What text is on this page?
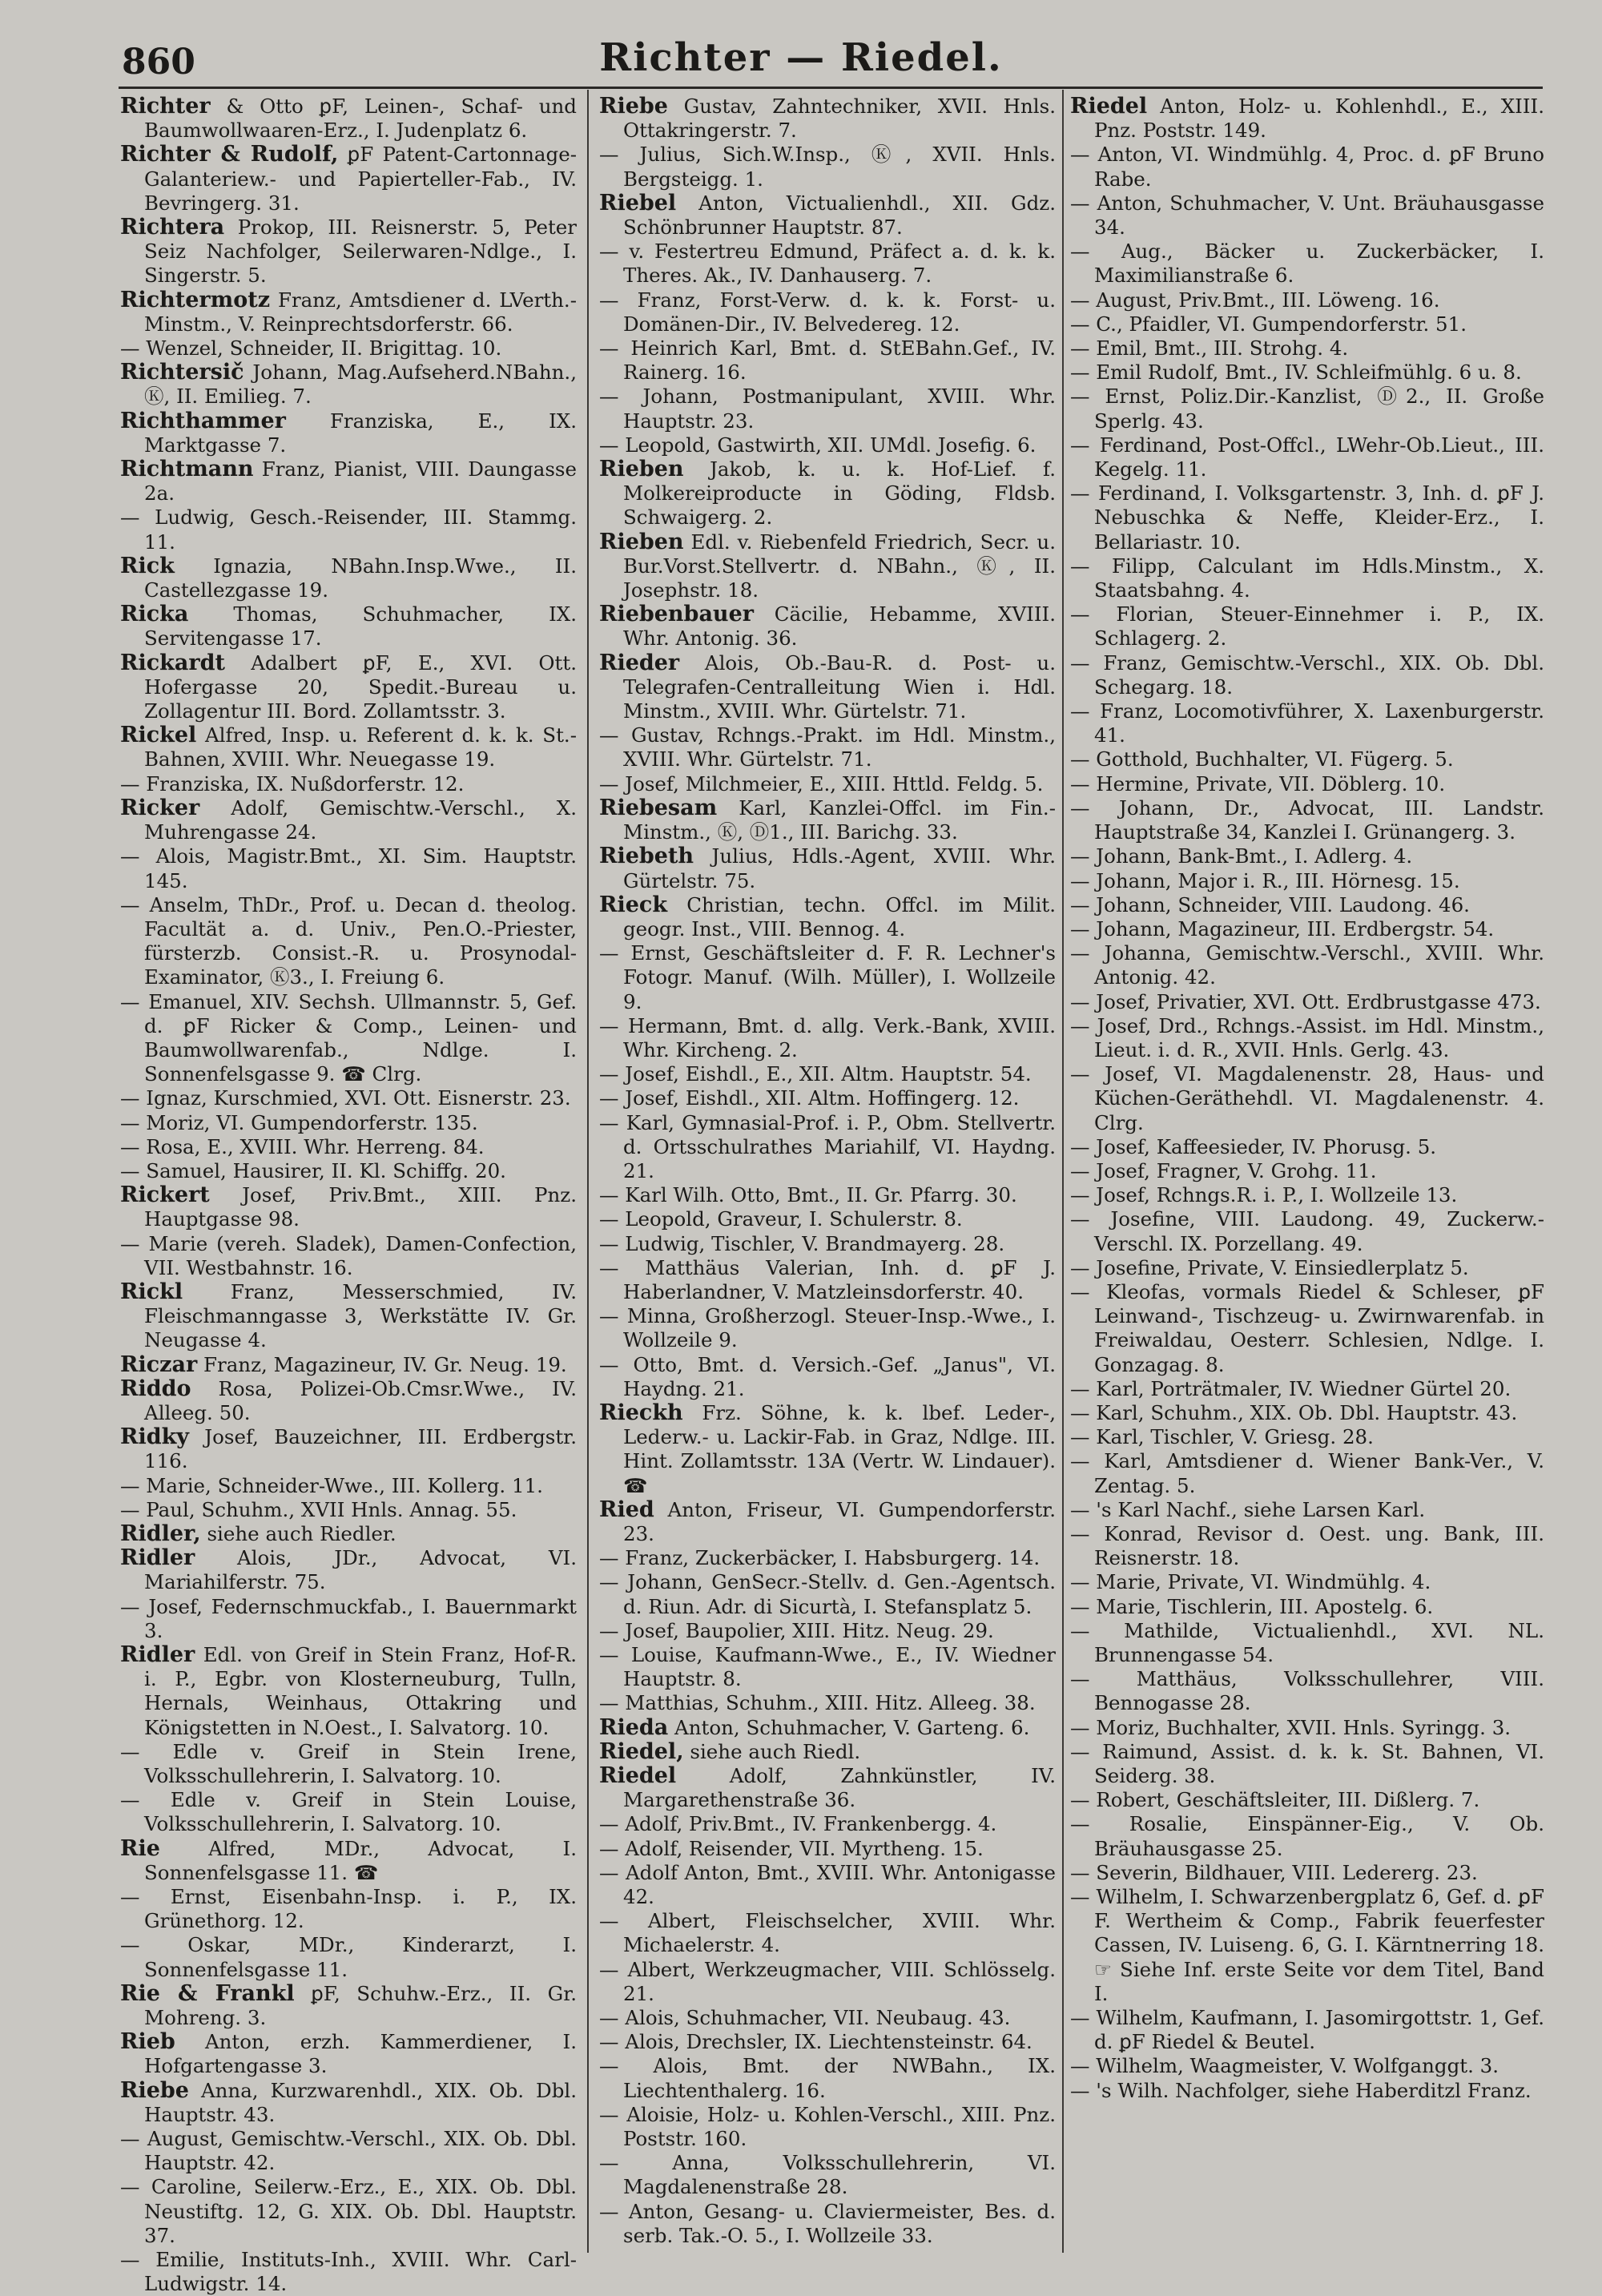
860	Richter — Riedel.
Richter & Otto ꝑF, Leinen-, Schaf- und Baumwollwaaren-Erz., I. Judenplatz 6.
Richter & Rudolf, ꝑF Patent-Cartonnage-Galanteriew.- und Papierteller-Fab., IV. Bevringerg. 31.
Richtera Prokop, III. Reisnerstr. 5, Peter Seiz Nachfolger, Seilerwaren-Ndlge., I. Singerstr. 5.
Richtermotz Franz, Amtsdiener d. LVerth.-Minstm., V. Reinprechtsdorferstr. 66.
— Wenzel, Schneider, II. Brigittag. 10.
Richtersič Johann, Mag.Aufseherd.NBahn., Ⓚ, II. Emilieg. 7.
Richthammer Franziska, E., IX. Marktgasse 7.
Richtmann Franz, Pianist, VIII. Daungasse 2a.
— Ludwig, Gesch.-Reisender, III. Stammg. 11.
Rick Ignazia, NBahn.Insp.Wwe., II. Castellezgasse 19.
Ricka Thomas, Schuhmacher, IX. Servitengasse 17.
Rickardt Adalbert ꝑF, E., XVI. Ott. Hofergasse 20, Spedit.-Bureau u. Zollagentur III. Bord. Zollamtsstr. 3.
Rickel Alfred, Insp. u. Referent d. k. k. St.-Bahnen, XVIII. Whr. Neuegasse 19.
— Franziska, IX. Nußdorferstr. 12.
Ricker Adolf, Gemischtw.-Verschl., X. Muhrengasse 24.
— Alois, Magistr.Bmt., XI. Sim. Hauptstr. 145.
— Anselm, ThDr., Prof. u. Decan d. theolog. Facultät a. d. Univ., Pen.O.-Priester, fürsterzb. Consist.-R. u. Prosynodal-Examinator, Ⓚ3., I. Freiung 6.
— Emanuel, XIV. Sechsh. Ullmannstr. 5, Gef. d. ꝑF Ricker & Comp., Leinen- und Baumwollwarenfab., Ndlge. I. Sonnenfelsgasse 9. ☎ Clrg.
— Ignaz, Kurschmied, XVI. Ott. Eisnerstr. 23.
— Moriz, VI. Gumpendorferstr. 135.
— Rosa, E., XVIII. Whr. Herreng. 84.
— Samuel, Hausirer, II. Kl. Schiffg. 20.
Rickert Josef, Priv.Bmt., XIII. Pnz. Hauptgasse 98.
— Marie (vereh. Sladek), Damen-Confection, VII. Westbahnstr. 16.
Rickl Franz, Messerschmied, IV. Fleischmanngasse 3, Werkstätte IV. Gr. Neugasse 4.
Riczar Franz, Magazineur, IV. Gr. Neug. 19.
Riddo Rosa, Polizei-Ob.Cmsr.Wwe., IV. Alleeg. 50.
Ridky Josef, Bauzeichner, III. Erdbergstr. 116.
— Marie, Schneider-Wwe., III. Kollerg. 11.
— Paul, Schuhm., XVII Hnls. Annag. 55.
Ridler, siehe auch Riedler.
Ridler Alois, JDr., Advocat, VI. Mariahilferstr. 75.
— Josef, Federnschmuckfab., I. Bauernmarkt 3.
Ridler Edl. von Greif in Stein Franz, Hof-R. i. P., Egbr. von Klosterneuburg, Tulln, Hernals, Weinhaus, Ottakring und Königstetten in N.Oest., I. Salvatorg. 10.
— Edle v. Greif in Stein Irene, Volksschullehrerin, I. Salvatorg. 10.
— Edle v. Greif in Stein Louise, Volksschullehrerin, I. Salvatorg. 10.
Rie Alfred, MDr., Advocat, I. Sonnenfelsgasse 11. ☎
— Ernst, Eisenbahn-Insp. i. P., IX. Grünethorg. 12.
— Oskar, MDr., Kinderarzt, I. Sonnenfelsgasse 11.
Rie & Frankl ꝑF, Schuhw.-Erz., II. Gr. Mohreng. 3.
Rieb Anton, erzh. Kammerdiener, I. Hofgartengasse 3.
Riebe Anna, Kurzwarenhdl., XIX. Ob. Dbl. Hauptstr. 43.
— August, Gemischtw.-Verschl., XIX. Ob. Dbl. Hauptstr. 42.
— Caroline, Seilerw.-Erz., E., XIX. Ob. Dbl. Neustiftg. 12, G. XIX. Ob. Dbl. Hauptstr. 37.
— Emilie, Instituts-Inh., XVIII. Whr. Carl-Ludwigstr. 14.
Riebe Gustav, Zahntechniker, XVII. Hnls. Ottakringerstr. 7.
— Julius, Sich.W.Insp., Ⓚ, XVII. Hnls. Bergsteigg. 1.
Riebel Anton, Victualienhdl., XII. Gdz. Schönbrunner Hauptstr. 87.
— v. Festertreu Edmund, Präfect a. d. k. k. Theres. Ak., IV. Danhauserg. 7.
— Franz, Forst-Verw. d. k. k. Forst- u. Domänen-Dir., IV. Belvedereg. 12.
— Heinrich Karl, Bmt. d. StEBahn.Gef., IV. Rainerg. 16.
— Johann, Postmanipulant, XVIII. Whr. Hauptstr. 23.
— Leopold, Gastwirth, XII. UMdl. Josefig. 6.
Rieben Jakob, k. u. k. Hof-Lief. f. Molkereiproducte in Göding, Fldsb. Schwaigerg. 2.
Rieben Edl. v. Riebenfeld Friedrich, Secr. u. Bur.Vorst.Stellvertr. d. NBahn., Ⓚ, II. Josephstr. 18.
Riebenbauer Cäcilie, Hebamme, XVIII. Whr. Antonig. 36.
Rieder Alois, Ob.-Bau-R. d. Post- u. Telegrafen-Centralleitung Wien i. Hdl. Minstm., XVIII. Whr. Gürtelstr. 71.
— Gustav, Rchngs.-Prakt. im Hdl. Minstm., XVIII. Whr. Gürtelstr. 71.
— Josef, Milchmeier, E., XIII. Httld. Feldg. 5.
Riebesam Karl, Kanzlei-Offcl. im Fin.-Minstm., Ⓚ, Ⓓ1., III. Barichg. 33.
Riebeth Julius, Hdls.-Agent, XVIII. Whr. Gürtelstr. 75.
Rieck Christian, techn. Offcl. im Milit. geogr. Inst., VIII. Bennog. 4.
— Ernst, Geschäftsleiter d. F. R. Lechner's Fotogr. Manuf. (Wilh. Müller), I. Wollzeile 9.
— Hermann, Bmt. d. allg. Verk.-Bank, XVIII. Whr. Kircheng. 2.
— Josef, Eishdl., E., XII. Altm. Hauptstr. 54.
— Josef, Eishdl., XII. Altm. Hoffingerg. 12.
— Karl, Gymnasial-Prof. i. P., Obm. Stellvertr. d. Ortsschulrathes Mariahilf, VI. Haydng. 21.
— Karl Wilh. Otto, Bmt., II. Gr. Pfarrg. 30.
— Leopold, Graveur, I. Schulerstr. 8.
— Ludwig, Tischler, V. Brandmayerg. 28.
— Matthäus Valerian, Inh. d. ꝑF J. Haberlandner, V. Matzleinsdorferstr. 40.
— Minna, Großherzogl. Steuer-Insp.-Wwe., I. Wollzeile 9.
— Otto, Bmt. d. Versich.-Gef. „Janus", VI. Haydng. 21.
Rieckh Frz. Söhne, k. k. lbef. Leder-, Lederw.- u. Lackir-Fab. in Graz, Ndlge. III. Hint. Zollamtsstr. 13A (Vertr. W. Lindauer). ☎
Ried Anton, Friseur, VI. Gumpendorferstr. 23.
— Franz, Zuckerbäcker, I. Habsburgerg. 14.
— Johann, GenSecr.-Stellv. d. Gen.-Agentsch. d. Riun. Adr. di Sicurtà, I. Stefansplatz 5.
— Josef, Baupolier, XIII. Hitz. Neug. 29.
— Louise, Kaufmann-Wwe., E., IV. Wiedner Hauptstr. 8.
— Matthias, Schuhm., XIII. Hitz. Alleeg. 38.
Rieda Anton, Schuhmacher, V. Garteng. 6.
Riedel, siehe auch Riedl.
Riedel	Adolf, Zahnkünstler, IV. Margarethenstraße 36.
— Adolf, Priv.Bmt., IV. Frankenbergg. 4.
— Adolf, Reisender, VII. Myrtheng. 15.
— Adolf Anton, Bmt., XVIII. Whr. Antonigasse 42.
— Albert, Fleischselcher, XVIII. Whr. Michaelerstr. 4.
— Albert, Werkzeugmacher, VIII. Schlösselg. 21.
— Alois, Schuhmacher, VII. Neubaug. 43.
— Alois, Drechsler, IX. Liechtensteinstr. 64.
— Alois, Bmt. der NWBahn., IX. Liechtenthalerg. 16.
— Aloisie, Holz- u. Kohlen-Verschl., XIII. Pnz. Poststr. 160.
— Anna, Volksschullehrerin, VI. Magdalenenstraße 28.
— Anton, Gesang- u. Claviermeister, Bes. d. serb. Tak.-O. 5., I. Wollzeile 33.
Riedel Anton, Holz- u. Kohlenhdl., E., XIII. Pnz. Poststr. 149.
— Anton, VI. Windmühlg. 4, Proc. d. ꝑF Bruno Rabe.
— Anton, Schuhmacher, V. Unt. Bräuhausgasse 34.
— Aug., Bäcker u. Zuckerbäcker, I. Maximilianstraße 6.
— August, Priv.Bmt., III. Löweng. 16.
— C., Pfaidler, VI. Gumpendorferstr. 51.
— Emil, Bmt., III. Strohg. 4.
— Emil Rudolf, Bmt., IV. Schleifmühlg. 6 u. 8.
— Ernst, Poliz.Dir.-Kanzlist, Ⓓ2., II. Große Sperlg. 43.
— Ferdinand, Post-Offcl., LWehr-Ob.Lieut., III. Kegelg. 11.
— Ferdinand, I. Volksgartenstr. 3, Inh. d. ꝑF J. Nebuschka & Neffe, Kleider-Erz., I. Bellariastr. 10.
— Filipp, Calculant im Hdls.Minstm., X. Staatsbahng. 4.
— Florian, Steuer-Einnehmer i. P., IX. Schlagerg. 2.
— Franz, Gemischtw.-Verschl., XIX. Ob. Dbl. Schegarg. 18.
— Franz, Locomotivführer, X. Laxenburgerstr. 41.
— Gotthold, Buchhalter, VI. Fügerg. 5.
— Hermine, Private, VII. Döblerg. 10.
— Johann, Dr., Advocat, III. Landstr. Hauptstraße 34, Kanzlei I. Grünangerg. 3.
— Johann, Bank-Bmt., I. Adlerg. 4.
— Johann, Major i. R., III. Hörnesg. 15.
— Johann, Schneider, VIII. Laudong. 46.
— Johann, Magazineur, III. Erdbergstr. 54.
— Johanna, Gemischtw.-Verschl., XVIII. Whr. Antonig. 42.
— Josef, Privatier, XVI. Ott. Erdbrustgasse 473.
— Josef, Drd., Rchngs.-Assist. im Hdl. Minstm., Lieut. i. d. R., XVII. Hnls. Gerlg. 43.
— Josef, VI. Magdalenenstr. 28, Haus- und Küchen-Geräthehdl. VI. Magdalenenstr. 4. Clrg.
— Josef, Kaffeesieder, IV. Phorusg. 5.
— Josef, Fragner, V. Grohg. 11.
— Josef, Rchngs.R. i. P., I. Wollzeile 13.
— Josefine, VIII. Laudong. 49, Zuckerw.-Verschl. IX. Porzellang. 49.
— Josefine, Private, V. Einsiedlerplatz 5.
— Kleofas, vormals Riedel & Schleser, ꝑF Leinwand-, Tischzeug- u. Zwirnwarenfab. in Freiwaldau, Oesterr. Schlesien, Ndlge. I. Gonzagag. 8.
— Karl, Porträtmaler, IV. Wiedner Gürtel 20.
— Karl, Schuhm., XIX. Ob. Dbl. Hauptstr. 43.
— Karl, Tischler, V. Griesg. 28.
— Karl, Amtsdiener d. Wiener Bank-Ver., V. Zentag. 5.
— 's Karl Nachf., siehe Larsen Karl.
— Konrad, Revisor d. Oest. ung. Bank, III. Reisnerstr. 18.
— Marie, Private, VI. Windmühlg. 4.
— Marie, Tischlerin, III. Apostelg. 6.
— Mathilde, Victualienhdl., XVI. NL. Brunnengasse 54.
— Matthäus, Volksschullehrer, VIII. Bennogasse 28.
— Moriz, Buchhalter, XVII. Hnls. Syringg. 3.
— Raimund, Assist. d. k. k. St. Bahnen, VI. Seiderg. 38.
— Robert, Geschäftsleiter, III. Dißlerg. 7.
— Rosalie, Einspänner-Eig., V. Ob. Bräuhausgasse 25.
— Severin, Bildhauer, VIII. Ledererg. 23.
— Wilhelm, I. Schwarzenbergplatz 6, Gef. d. ꝑF F. Wertheim & Comp., Fabrik feuerfester Cassen, IV. Luiseng. 6, G. I. Kärntnerring 18. ☞ Siehe Inf. erste Seite vor dem Titel, Band I.
— Wilhelm, Kaufmann, I. Jasomirgottstr. 1, Gef. d. ꝑF Riedel & Beutel.
— Wilhelm, Waagmeister, V. Wolfganggt. 3.
— 's Wilh. Nachfolger, siehe Haberditzl Franz.
